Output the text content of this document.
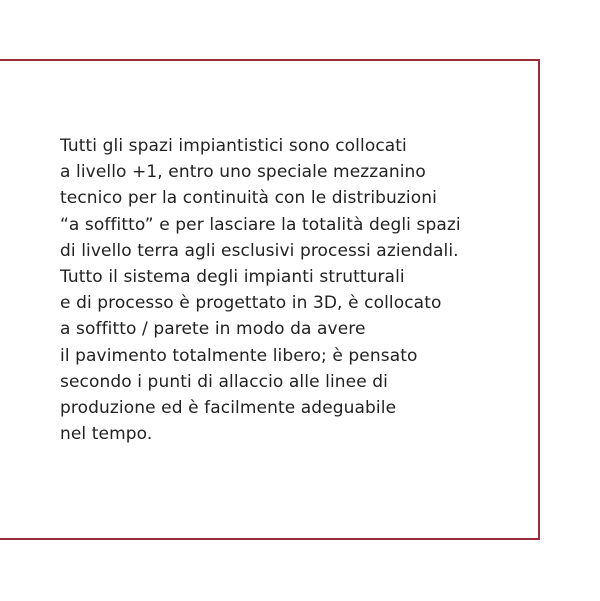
Tutti gli spazi impiantistici sono collocati
a livello +1, entro uno speciale mezzanino
tecnico per la continuità con le distribuzioni
“a soffitto” e per lasciare la totalità degli spazi
di livello terra agli esclusivi processi aziendali.
Tutto il sistema degli impianti strutturali
e di processo è progettato in 3D, è collocato
a soffitto / parete in modo da avere
il pavimento totalmente libero; è pensato
secondo i punti di allaccio alle linee di
produzione ed è facilmente adeguabile
nel tempo.
